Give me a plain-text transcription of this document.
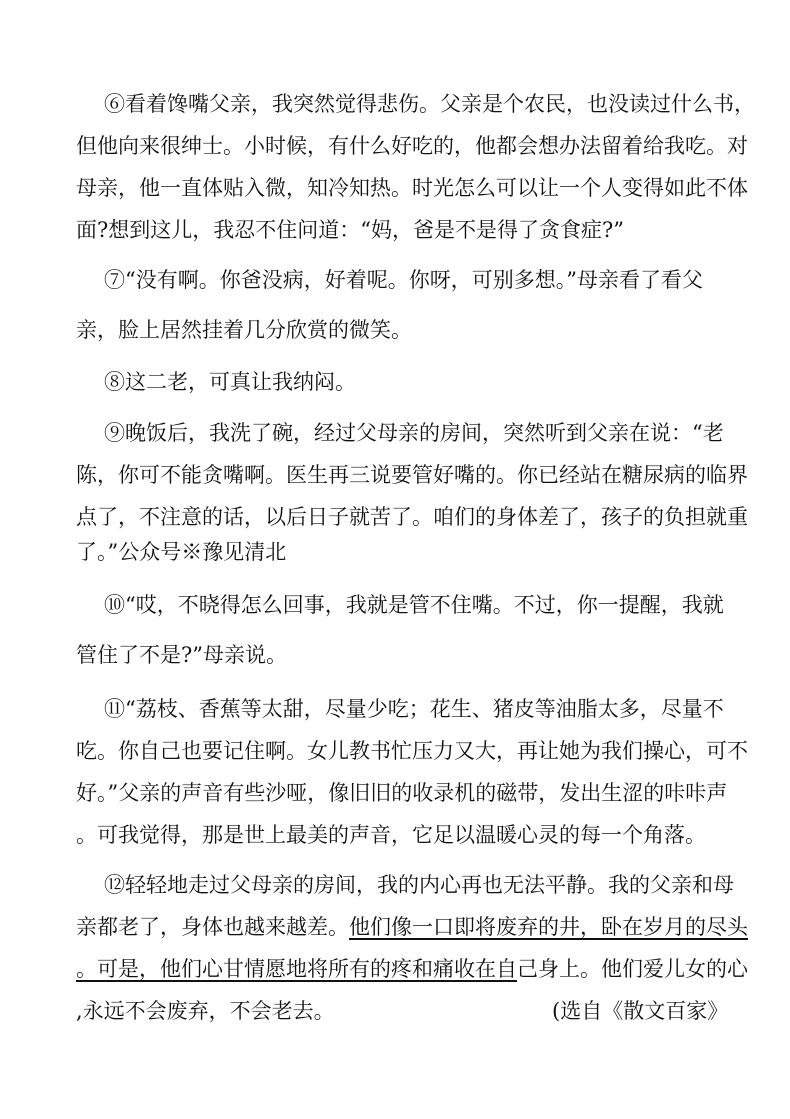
⑥看着馋嘴父亲，我突然觉得悲伤。父亲是个农民，也没读过什么书，
但他向来很绅士。小时候，有什么好吃的，他都会想办法留着给我吃。对
母亲，他一直体贴入微，知冷知热。时光怎么可以让一个人变得如此不体
面?想到这儿，我忍不住问道：“妈，爸是不是得了贪食症?”
⑦“没有啊。你爸没病，好着呢。你呀，可别多想。”母亲看了看父
亲，脸上居然挂着几分欣赏的微笑。
⑧这二老，可真让我纳闷。
⑨晚饭后，我洗了碗，经过父母亲的房间，突然听到父亲在说：“老
陈，你可不能贪嘴啊。医生再三说要管好嘴的。你已经站在糖尿病的临界
点了，不注意的话，以后日子就苦了。咱们的身体差了，孩子的负担就重
了。”公众号※豫见清北
⑩“哎，不晓得怎么回事，我就是管不住嘴。不过，你一提醒，我就
管住了不是?”母亲说。
⑪“荔枝、香蕉等太甜，尽量少吃；花生、猪皮等油脂太多，尽量不
吃。你自己也要记住啊。女儿教书忙压力又大，再让她为我们操心，可不
好。”父亲的声音有些沙哑，像旧旧的收录机的磁带，发出生涩的咔咔声
。可我觉得，那是世上最美的声音，它足以温暖心灵的每一个角落。
⑫轻轻地走过父母亲的房间，我的内心再也无法平静。我的父亲和母
亲都老了，身体也越来越差。他们像一口即将废弃的井，卧在岁月的尽头
。可是，他们心甘情愿地将所有的疼和痛收在自己身上。他们爱儿女的心
,永远不会废弃，不会老去。	(选自《散文百家》
